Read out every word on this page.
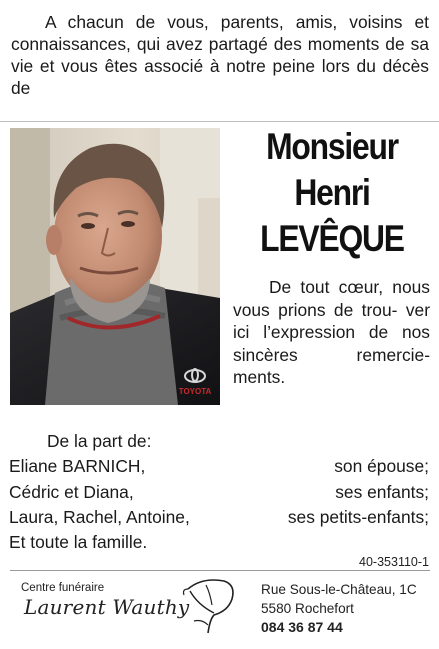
A chacun de vous, parents, amis, voisins et connaissances, qui avez partagé des moments de sa vie et vous êtes associé à notre peine lors du décès de
TOYOTA
Monsieur
Henri
LEVÊQUE
De tout cœur, nous vous prions de trou- ver ici l’expression de nos sincères remercie- ments.
De la part de:
Eliane BARNICH,	son épouse;
Cédric et Diana,	ses enfants;
Laura, Rachel, Antoine,	ses petits-enfants;
Et toute la famille.
40-353110-1
Centre funéraire
Laurent Wauthy
Rue Sous-le-Château, 1C
5580 Rochefort
084 36 87 44
